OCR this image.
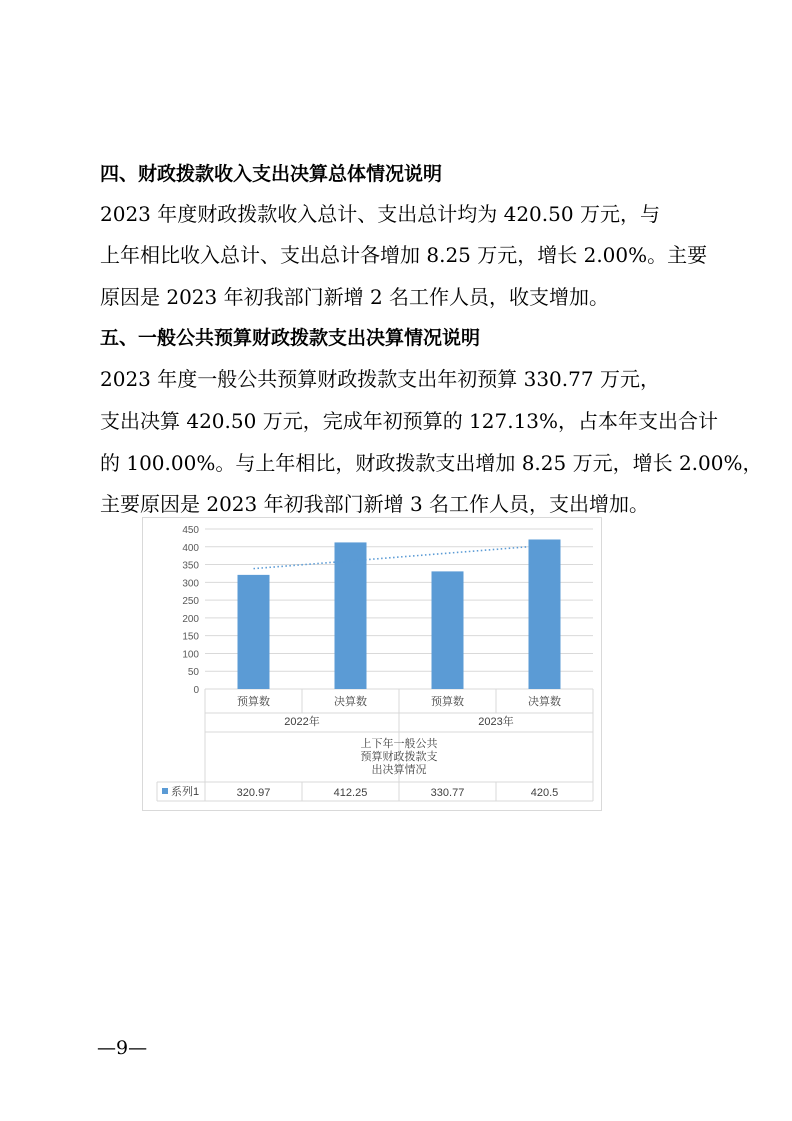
四、财政拨款收入支出决算总体情况说明
2023 年度财政拨款收入总计、支出总计均为 420.50 万元，与
上年相比收入总计、支出总计各增加 8.25 万元，增长 2.00%。主要
原因是 2023 年初我部门新增 2 名工作人员，收支增加。
五、一般公共预算财政拨款支出决算情况说明
2023 年度一般公共预算财政拨款支出年初预算 330.77 万元，
支出决算 420.50 万元，完成年初预算的 127.13%，占本年支出合计
的 100.00%。与上年相比，财政拨款支出增加 8.25 万元，增长 2.00%，
主要原因是 2023 年初我部门新增 3 名工作人员，支出增加。
0
50
100
150
200
250
300
350
400
450
预算数	决算数	预算数	决算数
2022年	2023年
上下年一般公共
预算财政拨款支
出决算情况
系列1	320.97	412.25	330.77	420.5
—9—
